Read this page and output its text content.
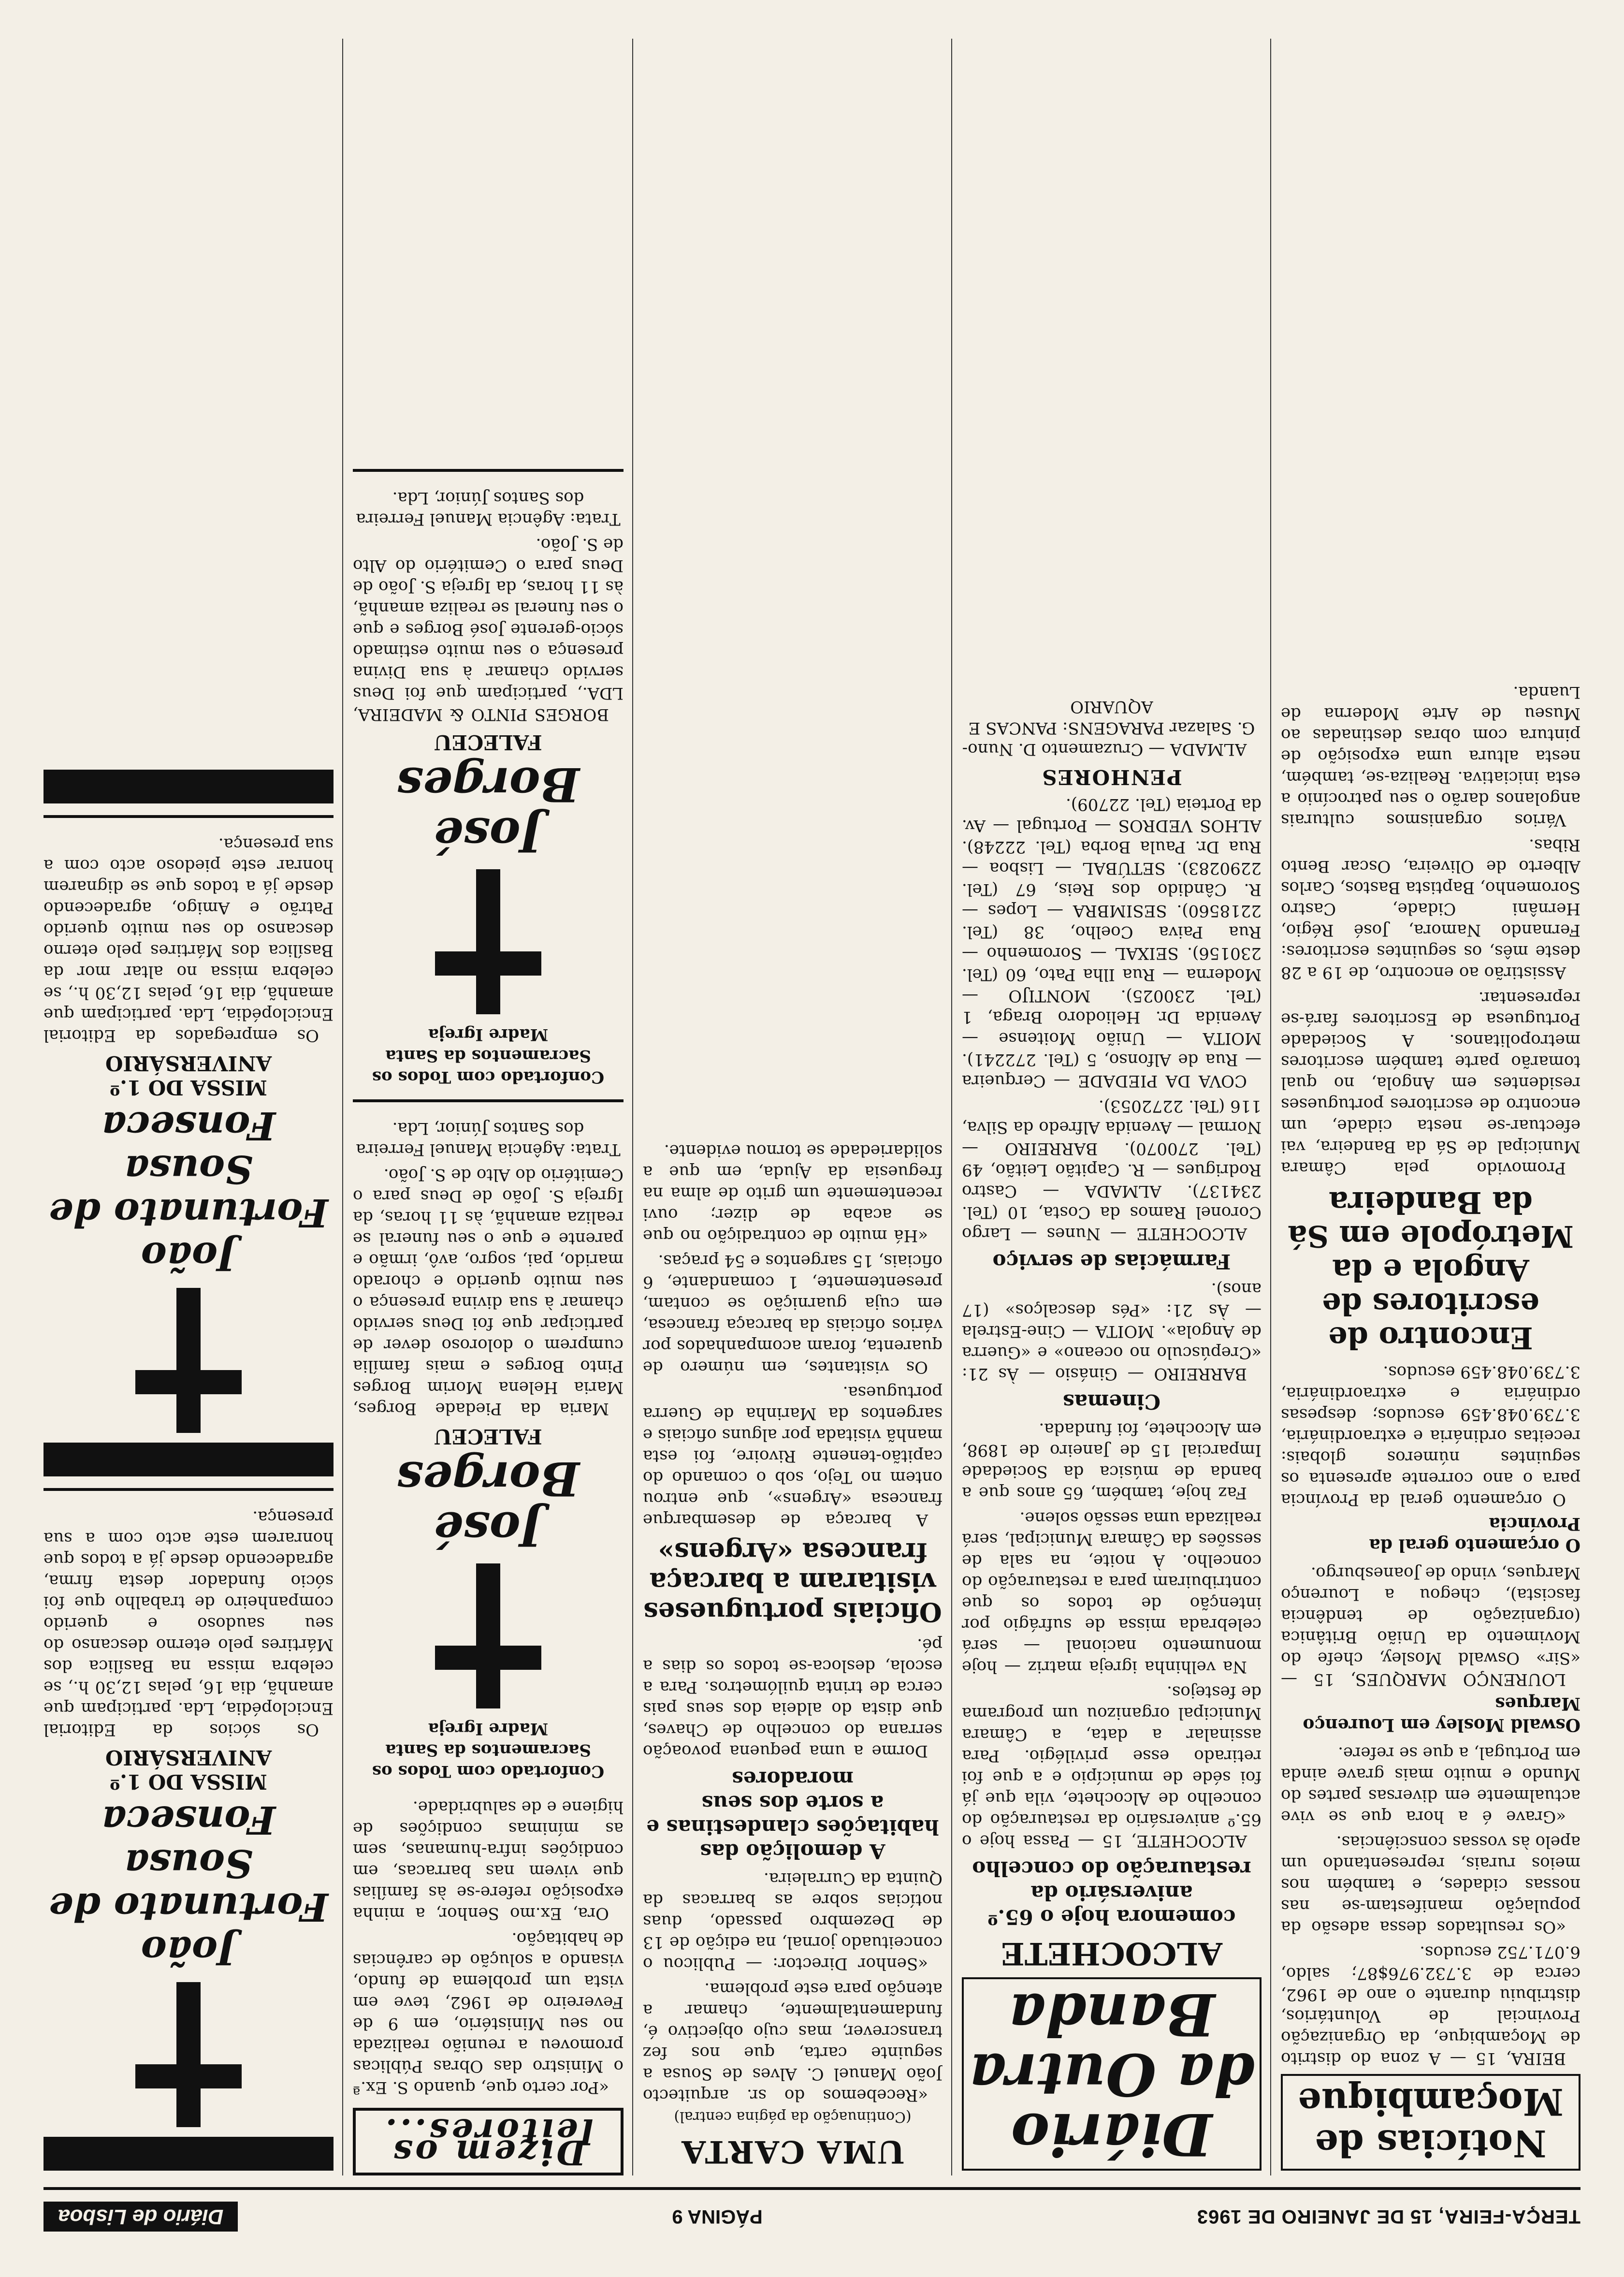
TERÇA-FEIRA, 15 DE JANEIRO DE 1963
PÁGINA 9
Diário de Lisboa
Notícias de Moçambique

BEIRA, 15 — A zona do distrito de Moçambique, da Organização Provincial de Voluntários, distribuiu durante o ano de 1962, cerca de 3.732.976$87; saldo, 6.071.752 escudos.

«Os resultados dessa adesão da população manifestam-se nas nossas cidades, e também nos meios rurais, representando um apelo às vossas consciências.

«Grave é a hora que se vive actualmente em diversas partes do Mundo e muito mais grave ainda em Portugal, a que se refere.

Oswald Mosley em Lourenço Marques

LOURENÇO MARQUES, 15 — «Sir» Oswald Mosley, chefe do Movimento da União Britânica (organização de tendência fascista), chegou a Lourenço Marques, vindo de Joanesburgo.

O orçamento geral da Província

O orçamento geral da Província para o ano corrente apresenta os seguintes números globais: receitas ordinária e extraordinária, 3.739.048.459 escudos; despesas ordinária e extraordinária, 3.739.048.459 escudos.

Encontro de escritores de Angola e da Metrópole em Sá da Bandeira

Promovido pela Câmara Municipal de Sá da Bandeira, vai efectuar-se nesta cidade, um encontro de escritores portugueses residentes em Angola, no qual tomarão parte também escritores metropolitanos. A Sociedade Portuguesa de Escritores fará-se representar.

Assistirão ao encontro, de 19 a 28 deste mês, os seguintes escritores: Fernando Namora, José Régio, Hernâni Cidade, Castro Soromenho, Baptista Bastos, Carlos Alberto de Oliveira, Oscar Bento Ribas.

Vários organismos culturais angolanos darão o seu patrocínio a esta iniciativa. Realiza-se, também, nesta altura uma exposição de pintura com obras destinadas ao Museu de Arte Moderna de Luanda.

Diário da Outra Banda
ALCOCHETE
comemora hoje o 65.º aniversário da restauração do concelho

ALCOCHETE, 15 — Passa hoje o 65.º aniversário da restauração do concelho de Alcochete, vila que já foi séde de município e a que foi retirado esse privilégio. Para assinalar a data, a Câmara Municipal organizou um programa de festejos.

Na velhinha igreja matriz — hoje monumento nacional — será celebrada missa de sufrágio por intenção de todos os que contribuiram para a restauração do concelho. À noite, na sala de sessões da Câmara Municipal, será realizada uma sessão solene.

Faz hoje, também, 65 anos que a banda de música da Sociedade Imparcial 15 de Janeiro de 1898, em Alcochete, foi fundada.

Cinemas

BARREIRO — Ginásio — Às 21: «Crepúsculo no oceano» e «Guerra de Angola». MOITA — Cine-Estrela — Às 21: «Pés descalços» (17 anos).

Farmácias de serviço

ALCOCHETE — Nunes — Largo Coronel Ramos da Costa, 10 (Tel. 234137). ALMADA — Castro Rodrigues — R. Capitão Leitão, 49 (Tel. 270070). BARREIRO — Normal — Avenida Alfredo da Silva, 116 (Tel. 2272053).

COVA DA PIEDADE — Cerqueira — Rua de Alfonso, 5 (Tel. 272241). MOITA — União Moitense — Avenida Dr. Heliodoro Braga, 1 (Tel. 230025). MONTIJO — Moderna — Rua Ilha Pato, 60 (Tel. 230156). SEIXAL — Soromenho — Rua Paiva Coelho, 38 (Tel. 2218560). SESIMBRA — Lopes — R. Cândido dos Reis, 67 (Tel. 2290283). SETÚBAL — Lisboa — Rua Dr. Paula Borba (Tel. 22248). ALHOS VEDROS — Portugal — Av. da Porteia (Tel. 22709).

PENHORES

ALMADA — Cruzamento D. Nuno-G. Salazar PARAGENS: PANCAS E AQUARIO

UMA CARTA
(Continuação da página central)

«Recebemos do sr. arquitecto João Manuel C. Alves de Sousa a seguinte carta, que nos fez transcrever, mas cujo objectivo é, fundamentalmente, chamar a atenção para este problema.

«Senhor Director: — Publicou o conceituado jornal, na edição de 13 de Dezembro passado, duas notícias sobre as barracas da Quinta da Curraleira.

A demolição das habitações clandestinas e a sorte dos seus moradores

Dorme a uma pequena povoação serrana do concelho de Chaves, que dista do aldeia dos seus pais cerca de trinta quilómetros. Para a escola, desloca-se todos os dias a pé.

Oficiais portugueses visitaram a barcaça francesa «Argens»

A barcaça de desembarque francesa «Argens», que entrou ontem no Tejo, sob o comando do capitão-tenente Rivoire, foi esta manhã visitada por alguns oficiais e sargentos da Marinha de Guerra portuguesa.

Os visitantes, em número de quarenta, foram acompanhados por vários oficiais da barcaça francesa, em cuja guarnição se contam, presentemente, 1 comandante, 6 oficiais, 15 sargentos e 54 praças.

«Há muito de contradição no que se acaba de dizer; ouvi recentemente um grito de alma na freguesia da Ajuda, em que a solidariedade se tornou evidente.

Dizem os leitores...

«Por certo que, quando S. Ex.ª o Ministro das Obras Públicas promoveu a reunião realizada no seu Ministério, em 9 de Fevereiro de 1962, teve em vista um problema de fundo, visando a solução de carências de habitação.

Ora, Ex.mo Senhor, a minha exposição refere-se às famílias que vivem nas barracas, em condições infra-humanas, sem as mínimas condições de higiene e de salubridade.

Confortado com Todos os Sacramentos da Santa Madre Igreja
José Borges
FALECEU

Maria da Piedade Borges, Maria Helena Morim Borges Pinto Borges e mais família cumprem o doloroso dever de participar que foi Deus servido chamar à sua divina presença o seu muito querido e chorado marido, pai, sogro, avô, irmão e parente e que o seu funeral se realiza amanhã, às 11 horas, da Igreja S. João de Deus para o Cemitério do Alto de S. João.

Trata: Agência Manuel Ferreira dos Santos Júnior, Lda.

Confortado com Todos os Sacramentos da Santa Madre Igreja
José Borges
FALECEU

BORGES PINTO & MADEIRA, LDA., participam que foi Deus servido chamar à sua Divina presença o seu muito estimado sócio-gerente José Borges e que o seu funeral se realiza amanhã, às 11 horas, da Igreja S. João de Deus para o Cemitério do Alto de S. João.

Trata: Agência Manuel Ferreira dos Santos Júnior, Lda.

João Fortunato de Sousa Fonseca
MISSA DO 1.º ANIVERSÁRIO

Os sócios da Editorial Enciclopédia, Lda. participam que amanhã, dia 16, pelas 12,30 h., se celebra missa na Basílica dos Mártires pelo eterno descanso do seu saudoso e querido companheiro de trabalho que foi sócio fundador desta firma, agradecendo desde já a todos que honrarem este acto com a sua presença.

João Fortunato de Sousa Fonseca
MISSA DO 1.º ANIVERSÁRIO

Os empregados da Editorial Enciclopédia, Lda. participam que amanhã, dia 16, pelas 12,30 h., se celebra missa no altar mor da Basílica dos Mártires pelo eterno descanso do seu muito querido Patrão e Amigo, agradecendo desde já a todos que se dignarem honrar este piedoso acto com a sua presença.
